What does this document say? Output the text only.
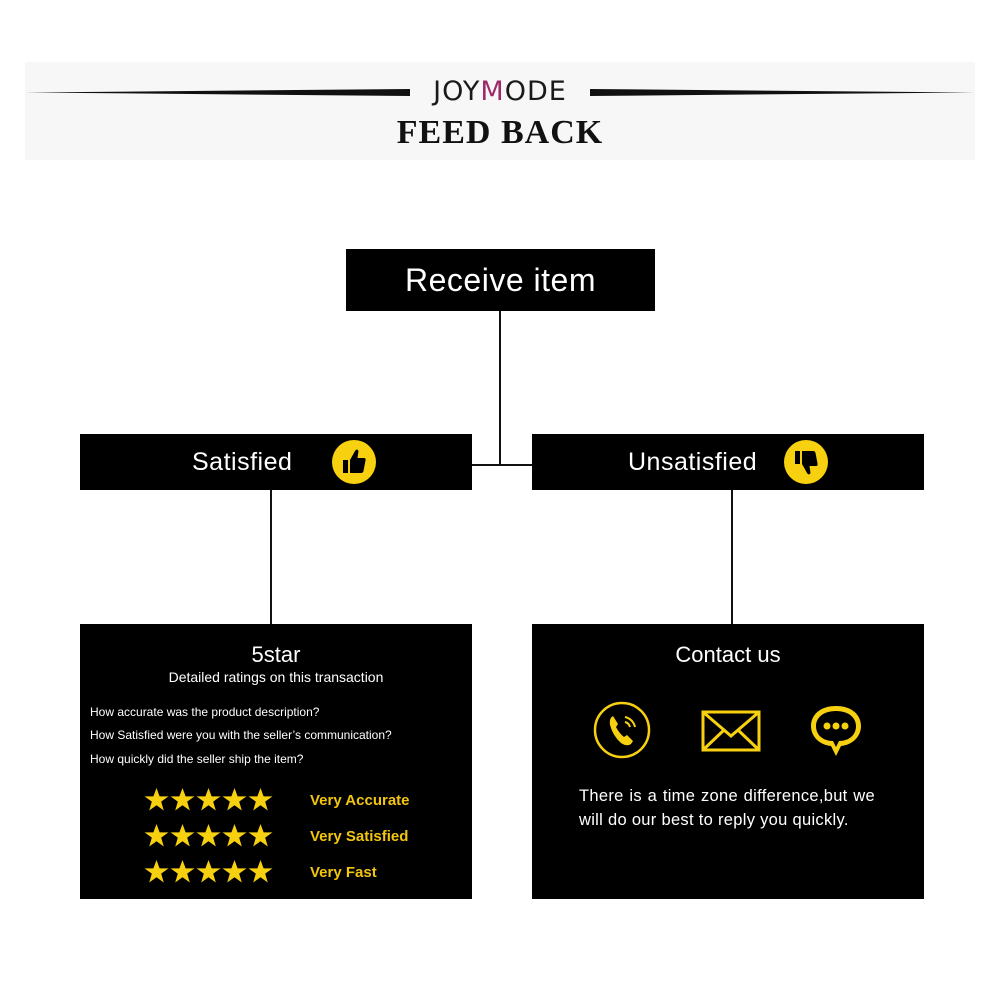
JOYMODE
FEED BACK
Receive item
Satisfied	Unsatisfied
5star
Detailed ratings on this transaction
How accurate was the product description?
How Satisfied were you with the seller’s communication?
How quickly did the seller ship the item?
Very Accurate
Very Satisfied
Very Fast
Contact us
There is a time zone difference,but we will do our best to reply you quickly.
